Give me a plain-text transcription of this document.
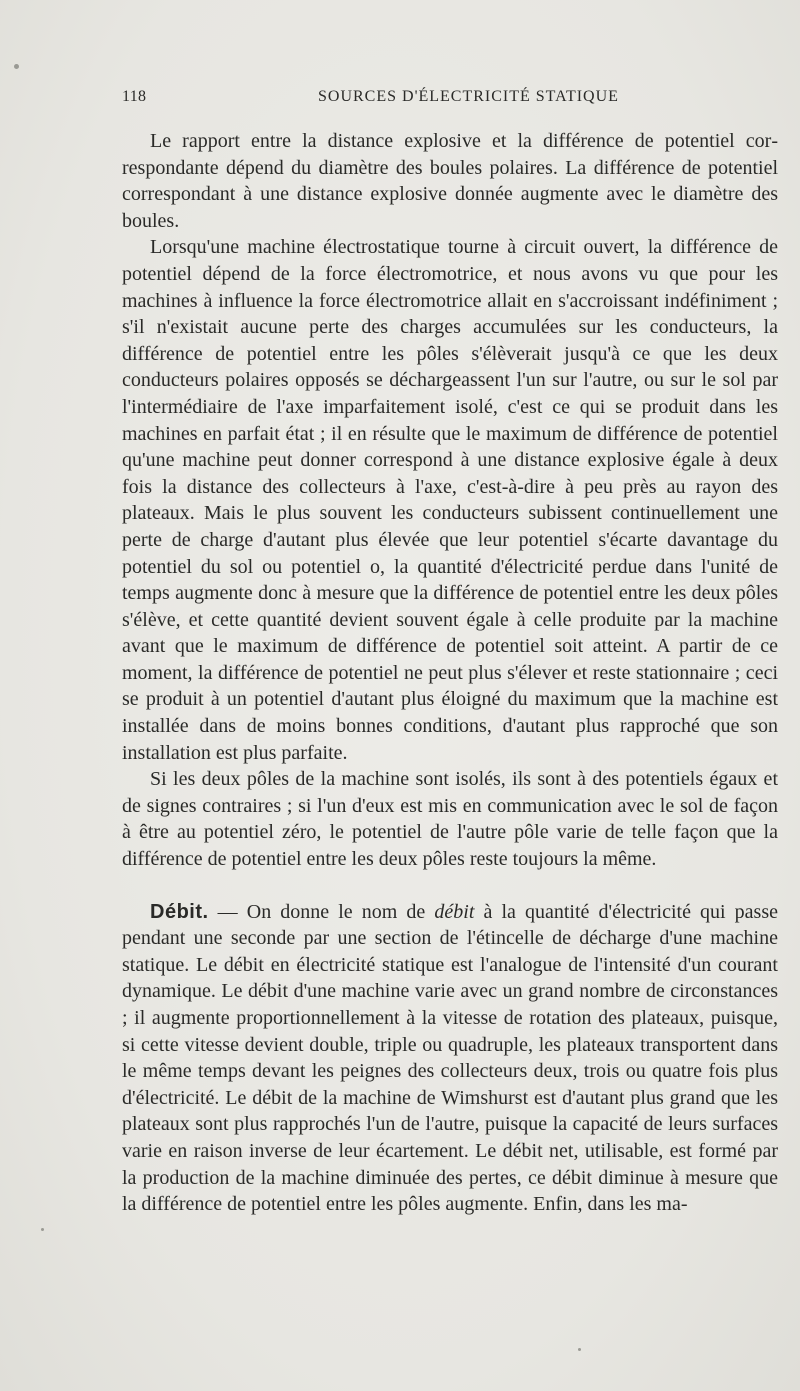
118	SOURCES D'ÉLECTRICITÉ STATIQUE

Le rapport entre la distance explosive et la différence de potentiel correspondante dépend du diamètre des boules polaires. La différence de potentiel correspondant à une distance explosive donnée augmente avec le diamètre des boules.

Lorsqu'une machine électrostatique tourne à circuit ouvert, la différence de potentiel dépend de la force électromotrice, et nous avons vu que pour les machines à influence la force électromotrice allait en s'accroissant indéfiniment ; s'il n'existait aucune perte des charges accumulées sur les conducteurs, la différence de potentiel entre les pôles s'élèverait jusqu'à ce que les deux conducteurs polaires opposés se déchargeassent l'un sur l'autre, ou sur le sol par l'intermédiaire de l'axe imparfaitement isolé, c'est ce qui se produit dans les machines en parfait état ; il en résulte que le maximum de différence de potentiel qu'une machine peut donner correspond à une distance explosive égale à deux fois la distance des collecteurs à l'axe, c'est-à-dire à peu près au rayon des plateaux. Mais le plus souvent les conducteurs subissent continuellement une perte de charge d'autant plus élevée que leur potentiel s'écarte davantage du potentiel du sol ou potentiel o, la quantité d'électricité perdue dans l'unité de temps augmente donc à mesure que la différence de potentiel entre les deux pôles s'élève, et cette quantité devient souvent égale à celle produite par la machine avant que le maximum de différence de potentiel soit atteint. A partir de ce moment, la différence de potentiel ne peut plus s'élever et reste stationnaire ; ceci se produit à un potentiel d'autant plus éloigné du maximum que la machine est installée dans de moins bonnes conditions, d'autant plus rapproché que son installation est plus parfaite.

Si les deux pôles de la machine sont isolés, ils sont à des potentiels égaux et de signes contraires ; si l'un d'eux est mis en communication avec le sol de façon à être au potentiel zéro, le potentiel de l'autre pôle varie de telle façon que la différence de potentiel entre les deux pôles reste toujours la même.

Débit. — On donne le nom de débit à la quantité d'électricité qui passe pendant une seconde par une section de l'étincelle de décharge d'une machine statique. Le débit en électricité statique est l'analogue de l'intensité d'un courant dynamique. Le débit d'une machine varie avec un grand nombre de circonstances ; il augmente proportionnellement à la vitesse de rotation des plateaux, puisque, si cette vitesse devient double, triple ou quadruple, les plateaux transportent dans le même temps devant les peignes des collecteurs deux, trois ou quatre fois plus d'électricité. Le débit de la machine de Wimshurst est d'autant plus grand que les plateaux sont plus rapprochés l'un de l'autre, puisque la capacité de leurs surfaces varie en raison inverse de leur écartement. Le débit net, utilisable, est formé par la production de la machine diminuée des pertes, ce débit diminue à mesure que la différence de potentiel entre les pôles augmente. Enfin, dans les ma-
